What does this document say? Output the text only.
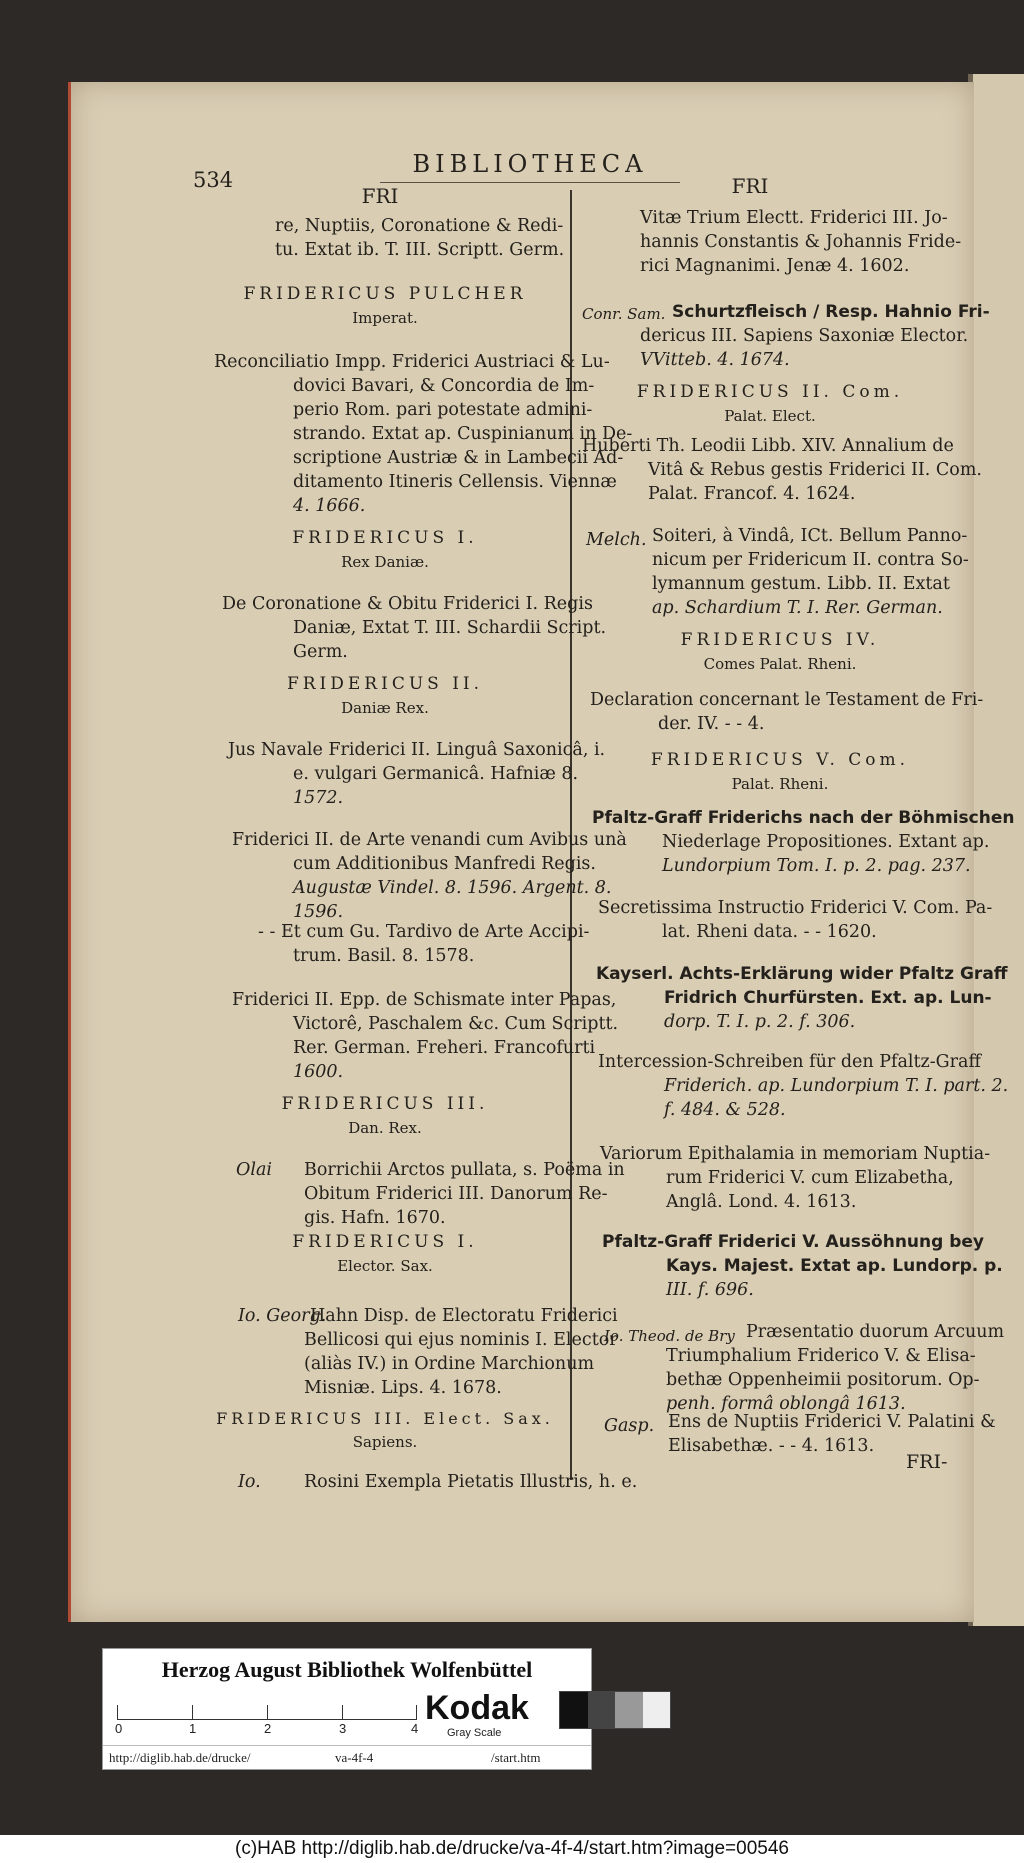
534
BIBLIOTHECA
FRI
re, Nuptiis, Coronatione & Redi-
tu. Extat ib. T. III. Scriptt. Germ.
FRIDERICUS PULCHER
Imperat.
Reconciliatio Impp. Friderici Austriaci & Lu-
dovici Bavari, & Concordia de Im-
perio Rom. pari potestate admini-
strando. Extat ap. Cuspinianum in De-
scriptione Austriæ & in Lambecii Ad-
ditamento Itineris Cellensis. Viennæ
4. 1666.
FRIDERICUS I.
Rex Daniæ.
De Coronatione & Obitu Friderici I. Regis
Daniæ, Extat T. III. Schardii Script.
Germ.
FRIDERICUS II.
Daniæ Rex.
Jus Navale Friderici II. Linguâ Saxonicâ, i.
e. vulgari Germanicâ. Hafniæ 8.
1572.
Friderici II. de Arte venandi cum Avibus unà
cum Additionibus Manfredi Regis.
Augustæ Vindel. 8. 1596. Argent. 8.
1596.
- - Et cum Gu. Tardivo de Arte Accipi-
trum. Basil. 8. 1578.
Friderici II. Epp. de Schismate inter Papas,
Victorê, Paschalem &c. Cum Scriptt.
Rer. German. Freheri. Francofurti
1600.
FRIDERICUS III.
Dan. Rex.
Olai Borrichii Arctos pullata, s. Poëma in
Obitum Friderici III. Danorum Re-
gis. Hafn. 1670.
FRIDERICUS I.
Elector. Sax.
Io. Georg.
Hahn Disp. de Electoratu Friderici
Bellicosi qui ejus nominis I. Elector
(aliàs IV.) in Ordine Marchionum
Misniæ. Lips. 4. 1678.
FRIDERICUS III. Elect. Sax.
Sapiens.
Io. Rosini Exempla Pietatis Illustris, h. e.
FRI
Vitæ Trium Electt. Friderici III. Jo-
hannis Constantis & Johannis Fride-
rici Magnanimi. Jenæ 4. 1602.
Conr. Sam. Schurtzfleisch / Resp. Hahnio Fri-
dericus III. Sapiens Saxoniæ Elector.
VVitteb. 4. 1674.
FRIDERICUS II. Com.
Palat. Elect.
Huberti Th. Leodii Libb. XIV. Annalium de
Vitâ & Rebus gestis Friderici II. Com.
Palat. Francof. 4. 1624.
Melch. Soiteri, à Vindâ, ICt. Bellum Panno-
nicum per Fridericum II. contra So-
lymannum gestum. Libb. II. Extat
ap. Schardium T. I. Rer. German.
FRIDERICUS IV.
Comes Palat. Rheni.
Declaration concernant le Testament de Fri-
der. IV. - - 4.
FRIDERICUS V. Com.
Palat. Rheni.
Pfaltz-Graff Friderichs nach der Böhmischen
Niederlage Propositiones. Extant ap.
Lundorpium Tom. I. p. 2. pag. 237.
Secretissima Instructio Friderici V. Com. Pa-
lat. Rheni data. - - 1620.
Kayserl. Achts-Erklärung wider Pfaltz Graff
Fridrich Churfürsten. Ext. ap. Lun-
dorp. T. I. p. 2. f. 306.
Intercession-Schreiben für den Pfaltz-Graff
Friderich. ap. Lundorpium T. I. part. 2.
f. 484. & 528.
Variorum Epithalamia in memoriam Nuptia-
rum Friderici V. cum Elizabetha,
Anglâ. Lond. 4. 1613.
Pfaltz-Graff Friderici V. Aussöhnung bey
Kays. Majest. Extat ap. Lundorp. p.
III. f. 696.
Io. Theod. de Bry Præsentatio duorum Arcuum
Triumphalium Friderico V. & Elisa-
bethæ Oppenheimii positorum. Op-
penh. formâ oblongâ 1613.
Gasp. Ens de Nuptiis Friderici V. Palatini &
Elisabethæ. - - 4. 1613.
FRI-
Herzog August Bibliothek Wolfenbüttel
0	1	2	3	4
Kodak
Gray Scale
http://diglib.hab.de/drucke/	va-4f-4	/start.htm
(c)HAB http://diglib.hab.de/drucke/va-4f-4/start.htm?image=00546
